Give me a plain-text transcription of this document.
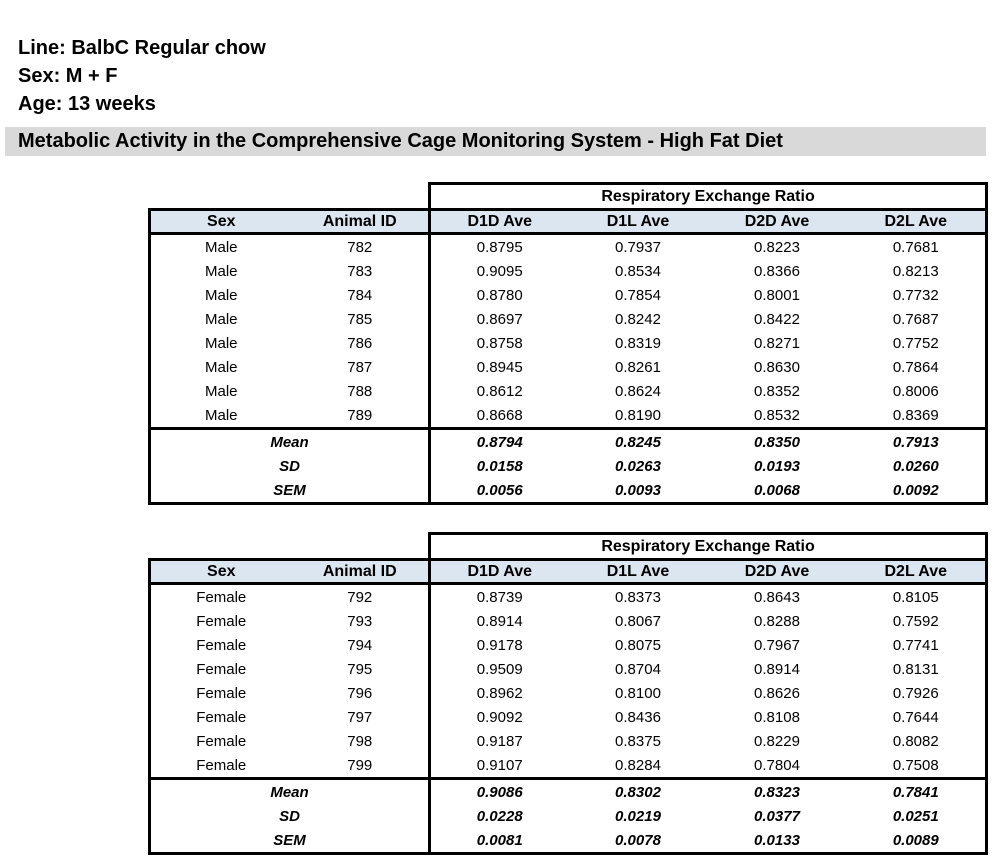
Line: BalbC Regular chow
Sex: M + F
Age: 13 weeks
Metabolic Activity in the Comprehensive Cage Monitoring System - High Fat Diet
		Respiratory Exchange Ratio			
Sex	Animal ID	D1D Ave	D1L Ave	D2D Ave	D2L Ave
Male	782	0.8795	0.7937	0.8223	0.7681
Male	783	0.9095	0.8534	0.8366	0.8213
Male	784	0.8780	0.7854	0.8001	0.7732
Male	785	0.8697	0.8242	0.8422	0.7687
Male	786	0.8758	0.8319	0.8271	0.7752
Male	787	0.8945	0.8261	0.8630	0.7864
Male	788	0.8612	0.8624	0.8352	0.8006
Male	789	0.8668	0.8190	0.8532	0.8369
Mean		0.8794	0.8245	0.8350	0.7913
SD		0.0158	0.0263	0.0193	0.0260
SEM		0.0056	0.0093	0.0068	0.0092
		Respiratory Exchange Ratio			
Sex	Animal ID	D1D Ave	D1L Ave	D2D Ave	D2L Ave
Female	792	0.8739	0.8373	0.8643	0.8105
Female	793	0.8914	0.8067	0.8288	0.7592
Female	794	0.9178	0.8075	0.7967	0.7741
Female	795	0.9509	0.8704	0.8914	0.8131
Female	796	0.8962	0.8100	0.8626	0.7926
Female	797	0.9092	0.8436	0.8108	0.7644
Female	798	0.9187	0.8375	0.8229	0.8082
Female	799	0.9107	0.8284	0.7804	0.7508
Mean		0.9086	0.8302	0.8323	0.7841
SD		0.0228	0.0219	0.0377	0.0251
SEM		0.0081	0.0078	0.0133	0.0089
